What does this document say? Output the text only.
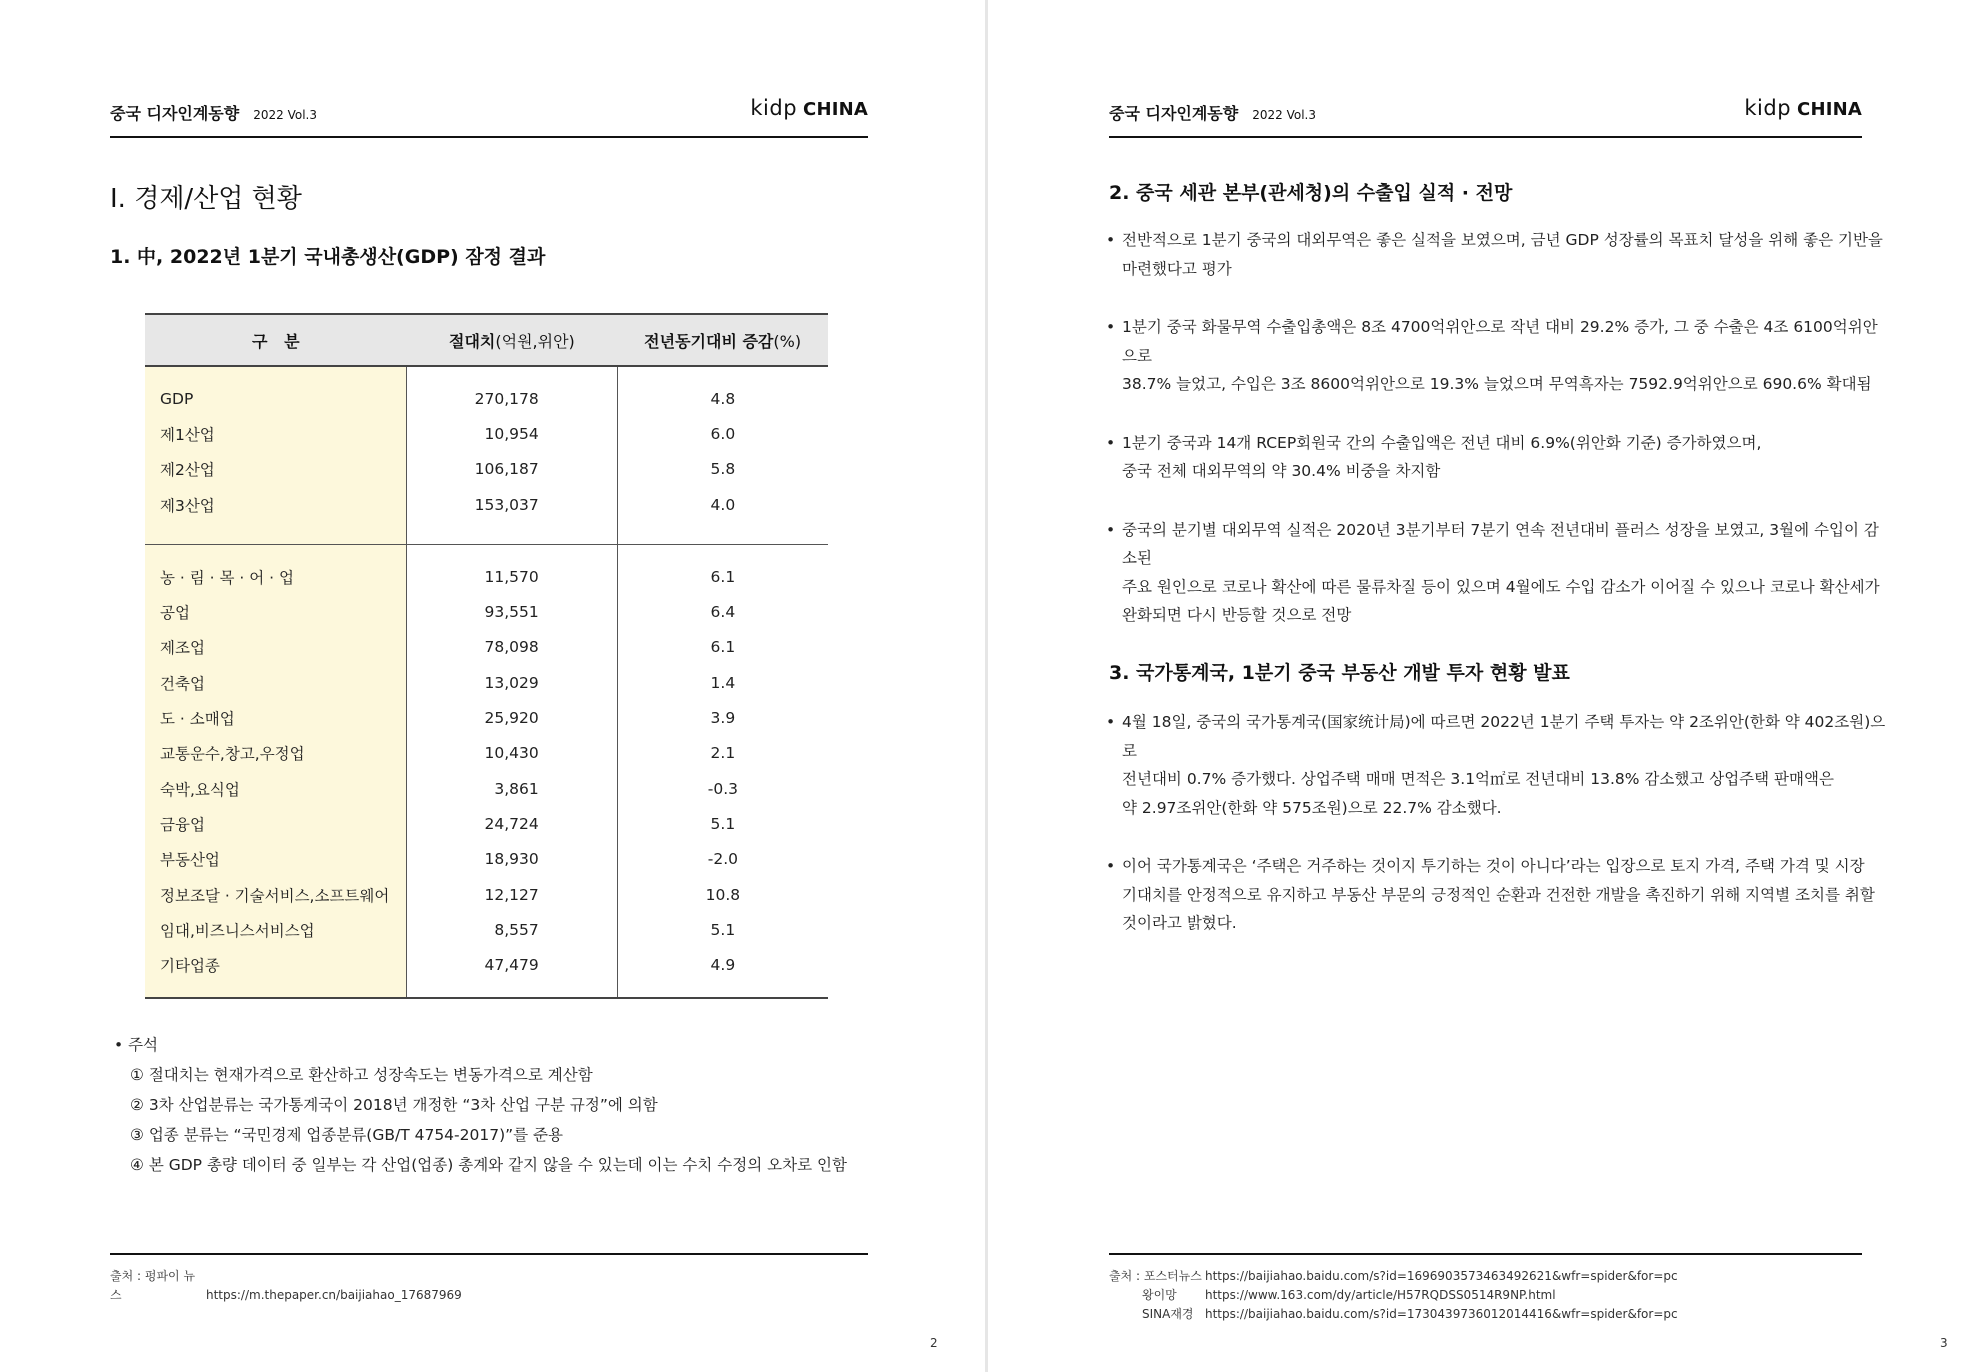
중국 디자인계동향 2022 Vol.3	kidp CHINA
I. 경제/산업 현황
1. 中, 2022년 1분기 국내총생산(GDP) 잠정 결과
구   분	절대치(억원,위안)	전년동기대비 증감(%)

GDP	270,178	4.8
제1산업	10,954	6.0
제2산업	106,187	5.8
제3산업	153,037	4.0

농 · 림 · 목 · 어 · 업	11,570	6.1
공업	93,551	6.4
제조업	78,098	6.1
건축업	13,029	1.4
도 · 소매업	25,920	3.9
교통운수,창고,우정업	10,430	2.1
숙박,요식업	3,861	-0.3
금융업	24,724	5.1
부동산업	18,930	-2.0
정보조달 · 기술서비스,소프트웨어	12,127	10.8
임대,비즈니스서비스업	8,557	5.1
기타업종	47,479	4.9

• 주석
① 절대치는 현재가격으로 환산하고 성장속도는 변동가격으로 계산함
② 3차 산업분류는 국가통계국이 2018년 개정한 “3차 산업 구분 규정”에 의함
③ 업종 분류는 “국민경제 업종분류(GB/T 4754-2017)”를 준용
④ 본 GDP 총량 데이터 중 일부는 각 산업(업종) 총계와 같지 않을 수 있는데 이는 수치 수정의 오차로 인함
출처 : 펑파이 뉴스	https://m.thepaper.cn/baijiahao_17687969
2
중국 디자인계동향 2022 Vol.3	kidp CHINA
2. 중국 세관 본부(관세청)의 수출입 실적 · 전망
• 전반적으로 1분기 중국의 대외무역은 좋은 실적을 보였으며, 금년 GDP 성장률의 목표치 달성을 위해 좋은 기반을
마련했다고 평가
• 1분기 중국 화물무역 수출입총액은 8조 4700억위안으로 작년 대비 29.2% 증가, 그 중 수출은 4조 6100억위안으로
38.7% 늘었고, 수입은 3조 8600억위안으로 19.3% 늘었으며 무역흑자는 7592.9억위안으로 690.6% 확대됨
• 1분기 중국과 14개 RCEP회원국 간의 수출입액은 전년 대비 6.9%(위안화 기준) 증가하였으며,
중국 전체 대외무역의 약 30.4% 비중을 차지함
• 중국의 분기별 대외무역 실적은 2020년 3분기부터 7분기 연속 전년대비 플러스 성장을 보였고, 3월에 수입이 감소된
주요 원인으로 코로나 확산에 따른 물류차질 등이 있으며 4월에도 수입 감소가 이어질 수 있으나 코로나 확산세가
완화되면 다시 반등할 것으로 전망
3. 국가통계국, 1분기 중국 부동산 개발 투자 현황 발표
• 4월 18일, 중국의 국가통계국(国家统计局)에 따르면 2022년 1분기 주택 투자는 약 2조위안(한화 약 402조원)으로
전년대비 0.7% 증가했다. 상업주택 매매 면적은 3.1억㎡로 전년대비 13.8% 감소했고 상업주택 판매액은
약 2.97조위안(한화 약 575조원)으로 22.7% 감소했다.
• 이어 국가통계국은 ‘주택은 거주하는 것이지 투기하는 것이 아니다’라는 입장으로 토지 가격, 주택 가격 및 시장
기대치를 안정적으로 유지하고 부동산 부문의 긍정적인 순환과 건전한 개발을 촉진하기 위해 지역별 조치를 취할
것이라고 밝혔다.
출처 : 포스터뉴스 https://baijiahao.baidu.com/s?id=1696903573463492621&wfr=spider&for=pc
왕이망 https://www.163.com/dy/article/H57RQDSS0514R9NP.html
SINA재경 https://baijiahao.baidu.com/s?id=1730439736012014416&wfr=spider&for=pc
3
